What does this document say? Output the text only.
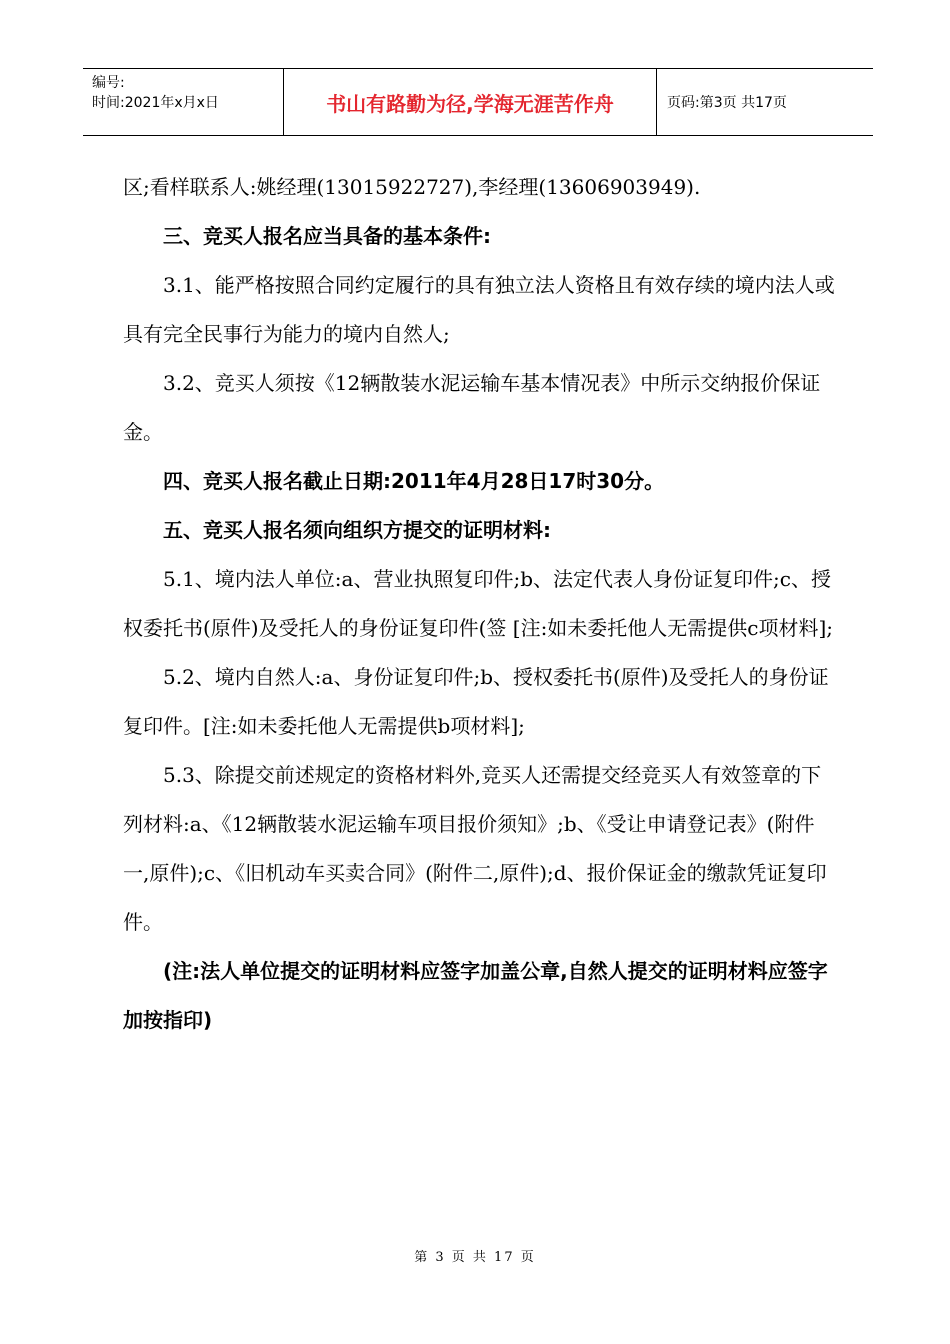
编号:
时间:2021年x月x日	书山有路勤为径,学海无涯苦作舟	页码:第3页 共17页

区;看样联系人:姚经理(13015922727),李经理(13606903949).

三、竞买人报名应当具备的基本条件:

3.1、能严格按照合同约定履行的具有独立法人资格且有效存续的境内法人或具有完全民事行为能力的境内自然人;

3.2、竞买人须按《12辆散装水泥运输车基本情况表》中所示交纳报价保证金。

四、竞买人报名截止日期:2011年4月28日17时30分。

五、竞买人报名须向组织方提交的证明材料:

5.1、境内法人单位:a、营业执照复印件;b、法定代表人身份证复印件;c、授权委托书(原件)及受托人的身份证复印件(签 [注:如未委托他人无需提供c项材料];

5.2、境内自然人:a、身份证复印件;b、授权委托书(原件)及受托人的身份证复印件。[注:如未委托他人无需提供b项材料];

5.3、除提交前述规定的资格材料外,竞买人还需提交经竞买人有效签章的下列材料:a、《12辆散装水泥运输车项目报价须知》;b、《受让申请登记表》(附件一,原件);c、《旧机动车买卖合同》(附件二,原件);d、报价保证金的缴款凭证复印件。

(注:法人单位提交的证明材料应签字加盖公章,自然人提交的证明材料应签字加按指印)

第 3 页 共 17 页
